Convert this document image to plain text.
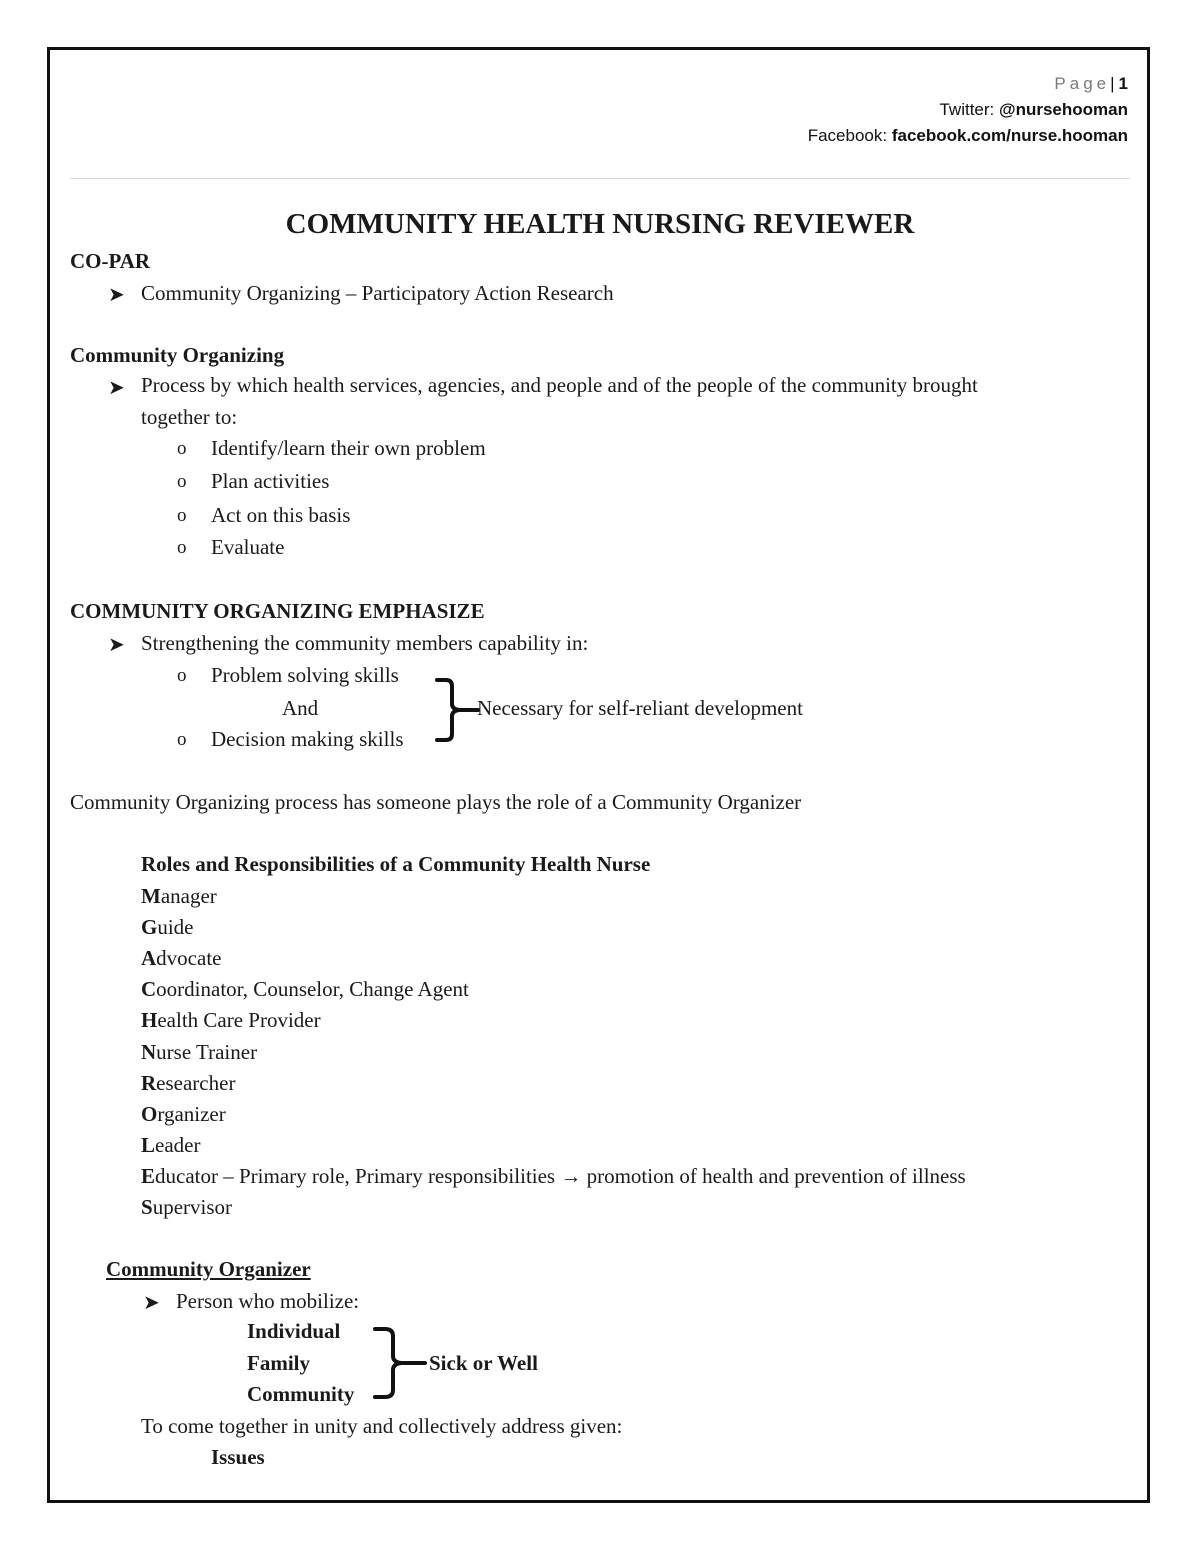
Page| 1
Twitter: @nursehooman
Facebook: facebook.com/nurse.hooman
COMMUNITY HEALTH NURSING REVIEWER
CO-PAR
➤ Community Organizing – Participatory Action Research
Community Organizing
➤ Process by which health services, agencies, and people and of the people of the community brought
together to:
o Identify/learn their own problem
o Plan activities
o Act on this basis
o Evaluate
COMMUNITY ORGANIZING EMPHASIZE
➤ Strengthening the community members capability in:
o Problem solving skills
And
o Decision making skills
Necessary for self-reliant development
Community Organizing process has someone plays the role of a Community Organizer
Roles and Responsibilities of a Community Health Nurse
Manager
Guide
Advocate
Coordinator, Counselor, Change Agent
Health Care Provider
Nurse Trainer
Researcher
Organizer
Leader
Educator – Primary role, Primary responsibilities → promotion of health and prevention of illness
Supervisor
Community Organizer
➤ Person who mobilize:
Individual
Family
Community
Sick or Well
To come together in unity and collectively address given:
Issues
